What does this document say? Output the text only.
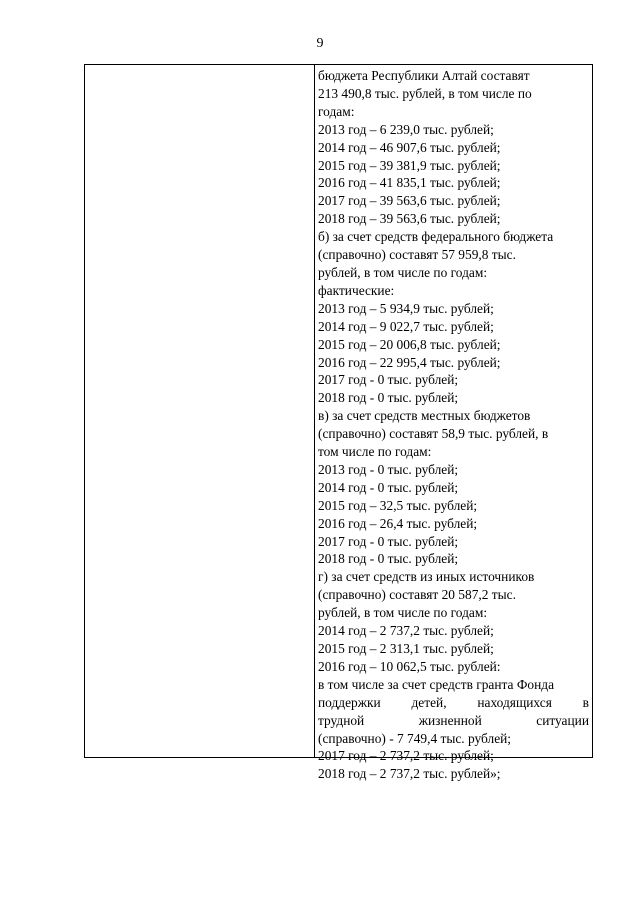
9
бюджета Республики Алтай составят
213 490,8 тыс. рублей, в том числе по
годам:
2013 год – 6 239,0 тыс. рублей;
2014 год – 46 907,6 тыс. рублей;
2015 год – 39 381,9 тыс. рублей;
2016 год – 41 835,1 тыс. рублей;
2017 год – 39 563,6 тыс. рублей;
2018 год – 39 563,6 тыс. рублей;
б) за счет средств федерального бюджета
(справочно) составят 57 959,8 тыс.
рублей, в том числе по годам:
фактические:
2013 год – 5 934,9 тыс. рублей;
2014 год – 9 022,7 тыс. рублей;
2015 год – 20 006,8 тыс. рублей;
2016 год – 22 995,4 тыс. рублей;
2017 год - 0 тыс. рублей;
2018 год - 0 тыс. рублей;
в) за счет средств местных бюджетов
(справочно) составят 58,9 тыс. рублей, в
том числе по годам:
2013 год - 0 тыс. рублей;
2014 год - 0 тыс. рублей;
2015 год – 32,5 тыс. рублей;
2016 год – 26,4 тыс. рублей;
2017 год - 0 тыс. рублей;
2018 год - 0 тыс. рублей;
г) за счет средств из иных источников
(справочно) составят 20 587,2 тыс.
рублей, в том числе по годам:
2014 год – 2 737,2 тыс. рублей;
2015 год – 2 313,1 тыс. рублей;
2016 год – 10 062,5 тыс. рублей:
в том числе за счет средств гранта Фонда
поддержки детей, находящихся в
трудной жизненной ситуации
(справочно) - 7 749,4 тыс. рублей;
2017 год – 2 737,2 тыс. рублей;
2018 год – 2 737,2 тыс. рублей»;
